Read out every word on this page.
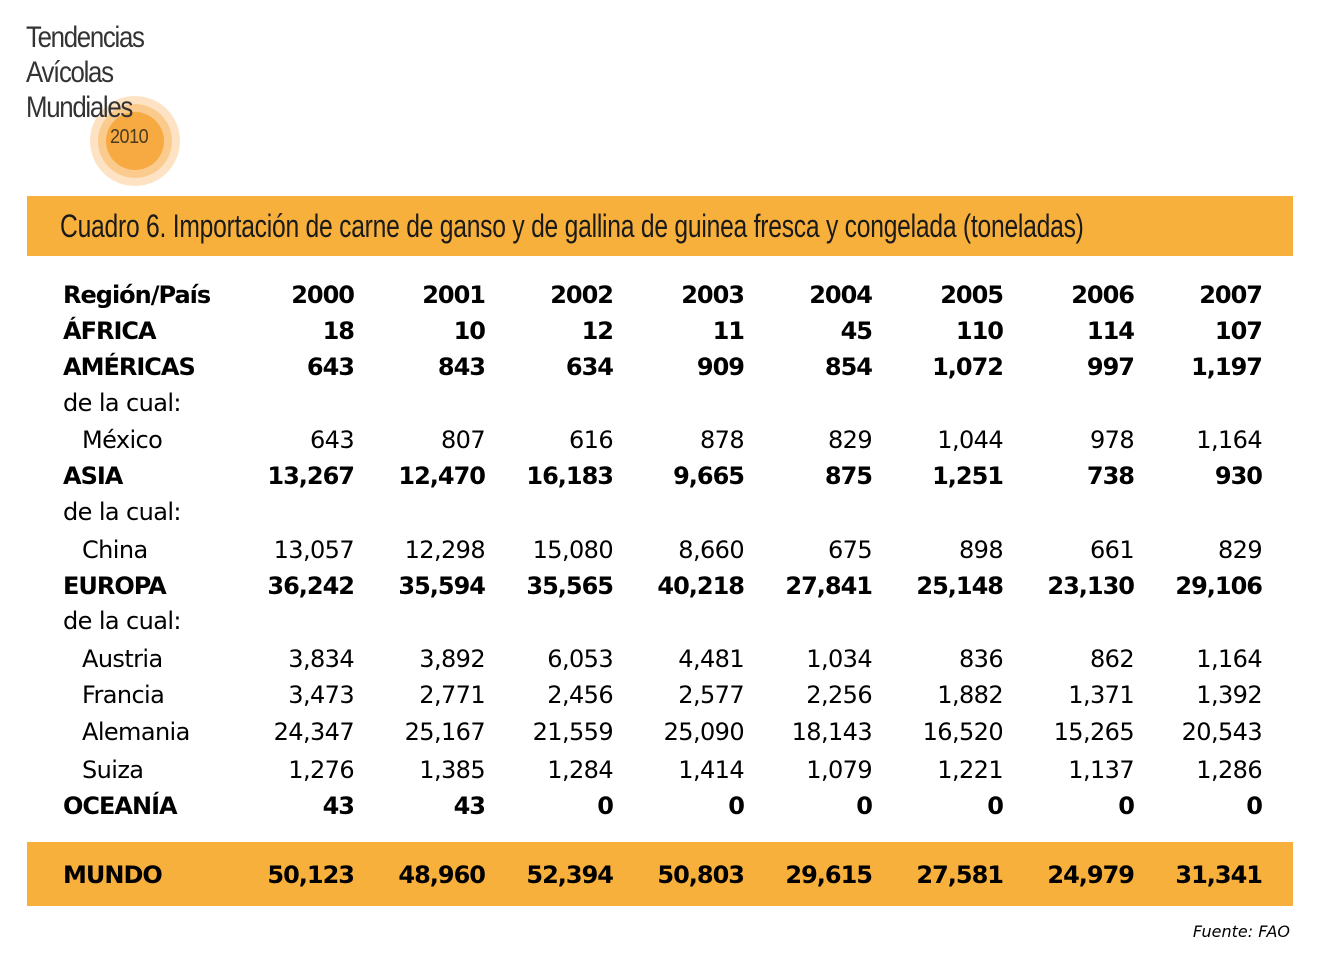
Tendencias
Avícolas
Mundiales
2010
Cuadro 6. Importación de carne de ganso y de gallina de guinea fresca y congelada (toneladas)
Región/País	2000	2001	2002	2003	2004	2005	2006	2007
ÁFRICA	18	10	12	11	45	110	114	107
AMÉRICAS	643	843	634	909	854	1,072	997	1,197
de la cual:
México	643	807	616	878	829	1,044	978	1,164
ASIA	13,267	12,470	16,183	9,665	875	1,251	738	930
de la cual:
China	13,057	12,298	15,080	8,660	675	898	661	829
EUROPA	36,242	35,594	35,565	40,218	27,841	25,148	23,130	29,106
de la cual:
Austria	3,834	3,892	6,053	4,481	1,034	836	862	1,164
Francia	3,473	2,771	2,456	2,577	2,256	1,882	1,371	1,392
Alemania	24,347	25,167	21,559	25,090	18,143	16,520	15,265	20,543
Suiza	1,276	1,385	1,284	1,414	1,079	1,221	1,137	1,286
OCEANÍA	43	43	0	0	0	0	0	0
MUNDO	50,123	48,960	52,394	50,803	29,615	27,581	24,979	31,341
Fuente: FAO
